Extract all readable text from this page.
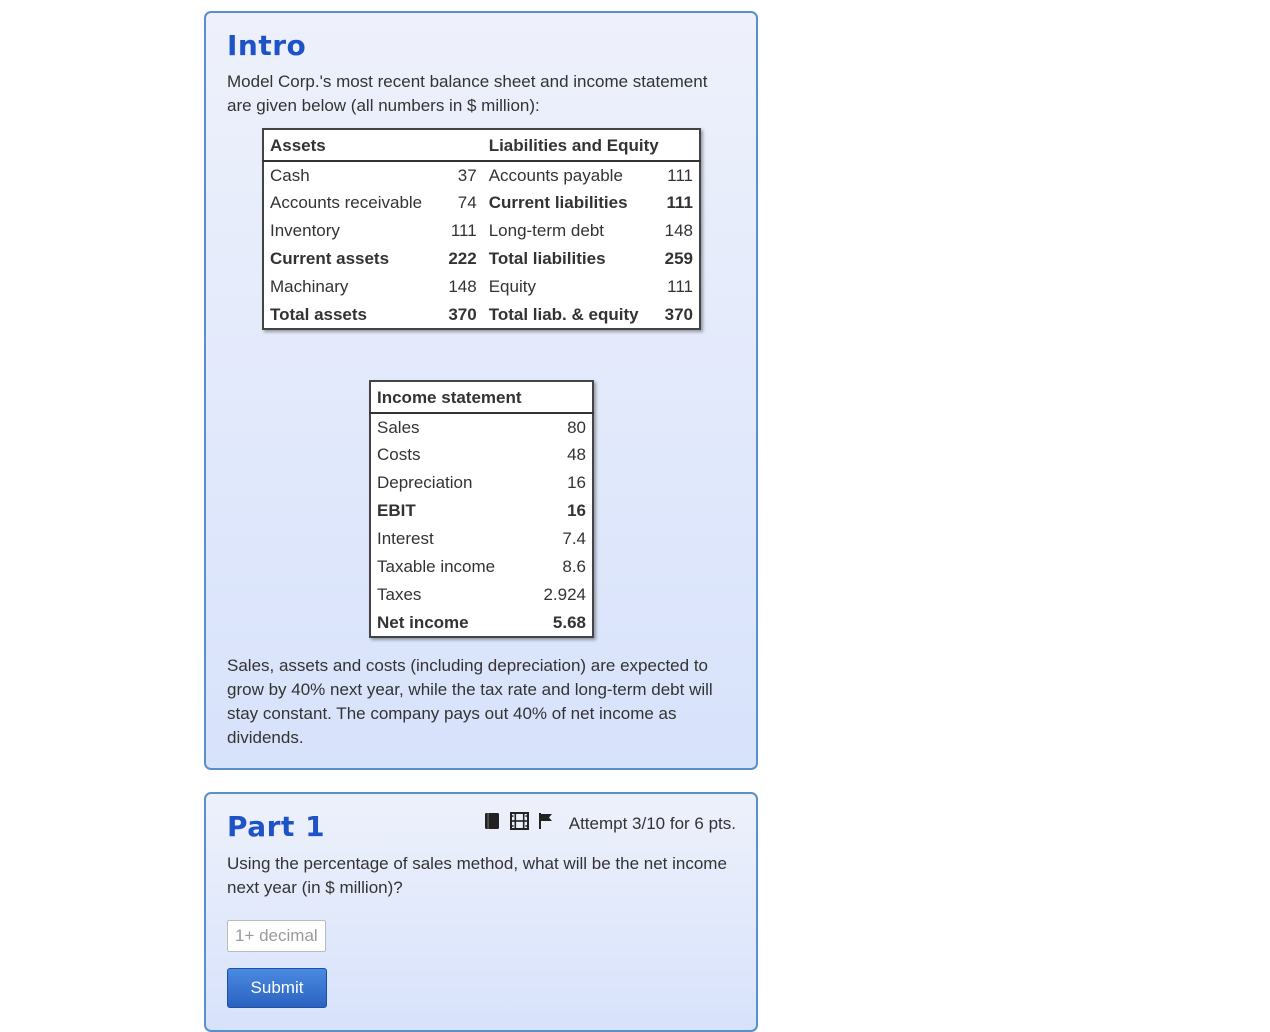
Intro

Model Corp.'s most recent balance sheet and income statement are given below (all numbers in $ million):

Assets		Liabilities and Equity	
Cash	37	Accounts payable	111
Accounts receivable	74	Current liabilities	111
Inventory	111	Long-term debt	148
Current assets	222	Total liabilities	259
Machinary	148	Equity	111
Total assets	370	Total liab. & equity	370
Income statement	
Sales	80
Costs	48
Depreciation	16
EBIT	16
Interest	7.4
Taxable income	8.6
Taxes	2.924
Net income	5.68

Sales, assets and costs (including depreciation) are expected to grow by 40% next year, while the tax rate and long-term debt will stay constant. The company pays out 40% of net income as dividends.

Part 1	Attempt 3/10 for 6 pts.

Using the percentage of sales method, what will be the net income next year (in $ million)?

1+ decimals
Submit
